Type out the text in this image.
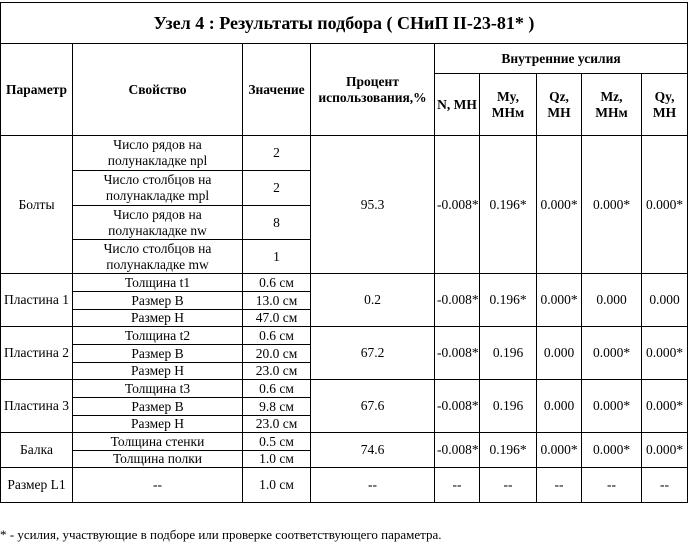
Узел 4 : Результаты подбора ( СНиП II-23-81* )								
Параметр	Свойство	Значение	Процент использования,%	Внутренние усилия				
				N, МН	My, МНм	Qz, МН	Mz, МНм	Qy, МН
Болты	Число рядов на полунакладке npl	2	95.3	-0.008*	0.196*	0.000*	0.000*	0.000*
	Число столбцов на полунакладке mpl	2						
	Число рядов на полунакладке nw	8						
	Число столбцов на полунакладке mw	1						
Пластина 1	Толщина t1	0.6 см	0.2	-0.008*	0.196*	0.000*	0.000	0.000
	Размер B	13.0 см						
	Размер H	47.0 см						
Пластина 2	Толщина t2	0.6 см	67.2	-0.008*	0.196	0.000	0.000*	0.000*
	Размер B	20.0 см						
	Размер H	23.0 см						
Пластина 3	Толщина t3	0.6 см	67.6	-0.008*	0.196	0.000	0.000*	0.000*
	Размер B	9.8 см						
	Размер H	23.0 см						
Балка	Толщина стенки	0.5 см	74.6	-0.008*	0.196*	0.000*	0.000*	0.000*
	Толщина полки	1.0 см						
Размер L1	--	1.0 см	--	--	--	--	--	--
* - усилия, участвующие в подборе или проверке соответствующего параметра.
